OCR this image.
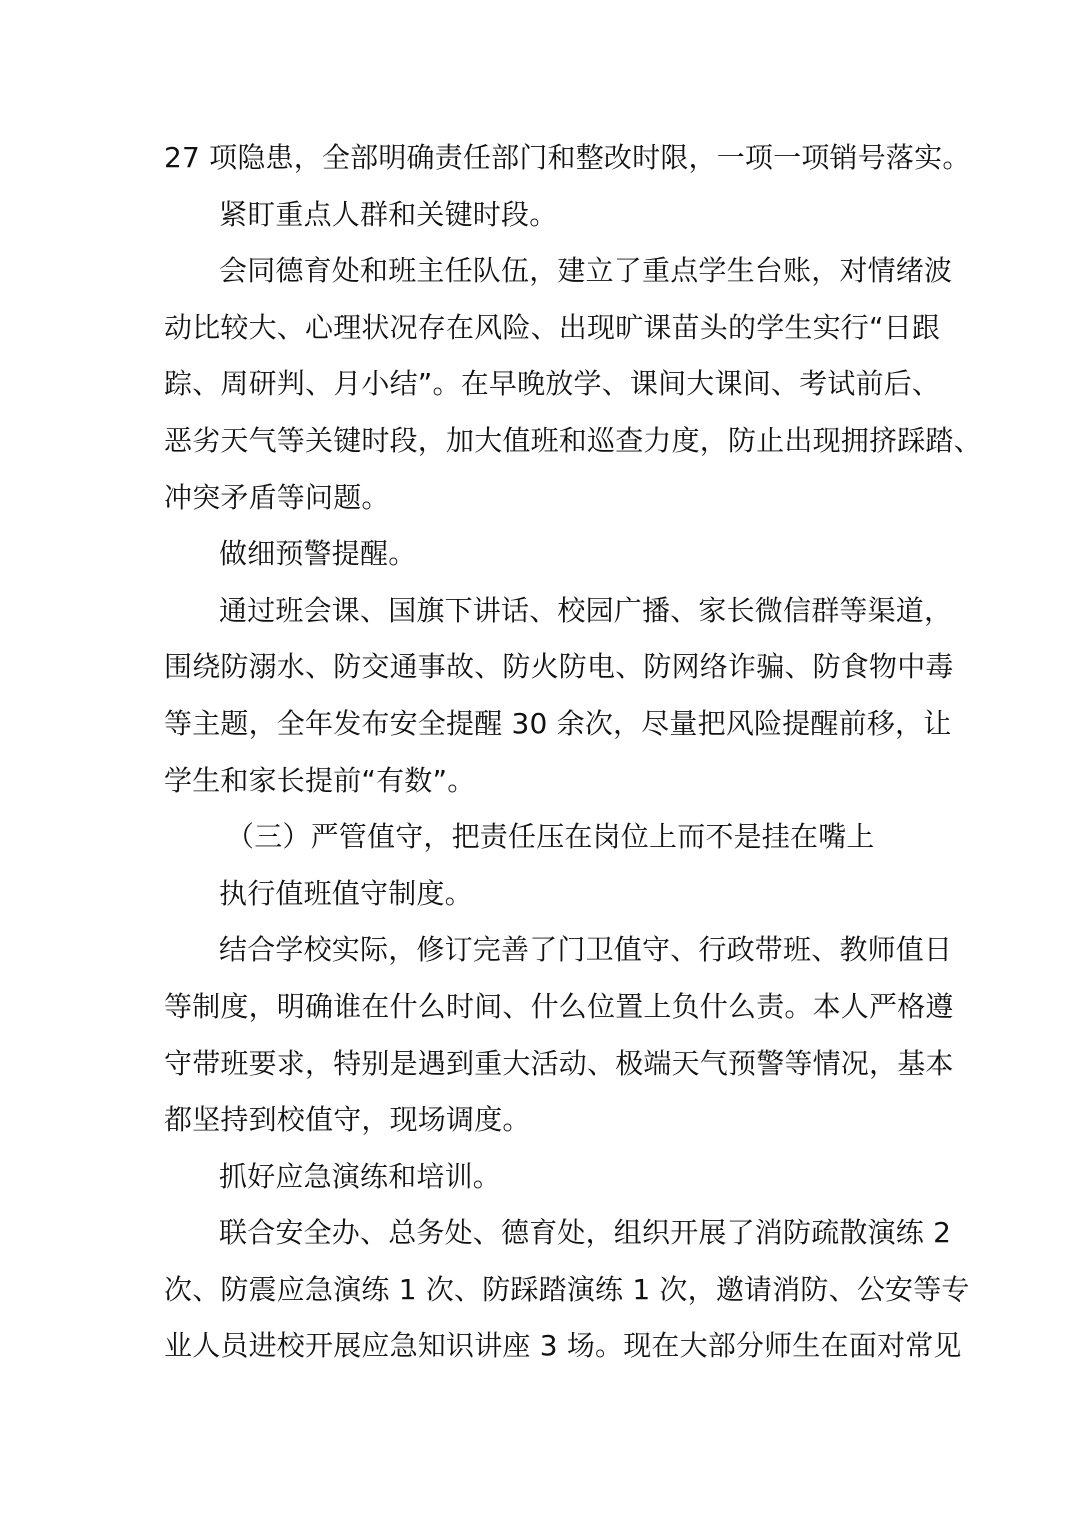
27 项隐患，全部明确责任部门和整改时限，一项一项销号落实。
紧盯重点人群和关键时段。
会同德育处和班主任队伍，建立了重点学生台账，对情绪波
动比较大、心理状况存在风险、出现旷课苗头的学生实行“日跟
踪、周研判、月小结”。在早晚放学、课间大课间、考试前后、
恶劣天气等关键时段，加大值班和巡查力度，防止出现拥挤踩踏、
冲突矛盾等问题。
做细预警提醒。
通过班会课、国旗下讲话、校园广播、家长微信群等渠道，
围绕防溺水、防交通事故、防火防电、防网络诈骗、防食物中毒
等主题，全年发布安全提醒 30 余次，尽量把风险提醒前移，让
学生和家长提前“有数”。
（三）严管值守，把责任压在岗位上而不是挂在嘴上
执行值班值守制度。
结合学校实际，修订完善了门卫值守、行政带班、教师值日
等制度，明确谁在什么时间、什么位置上负什么责。本人严格遵
守带班要求，特别是遇到重大活动、极端天气预警等情况，基本
都坚持到校值守，现场调度。
抓好应急演练和培训。
联合安全办、总务处、德育处，组织开展了消防疏散演练 2
次、防震应急演练 1 次、防踩踏演练 1 次，邀请消防、公安等专
业人员进校开展应急知识讲座 3 场。现在大部分师生在面对常见
